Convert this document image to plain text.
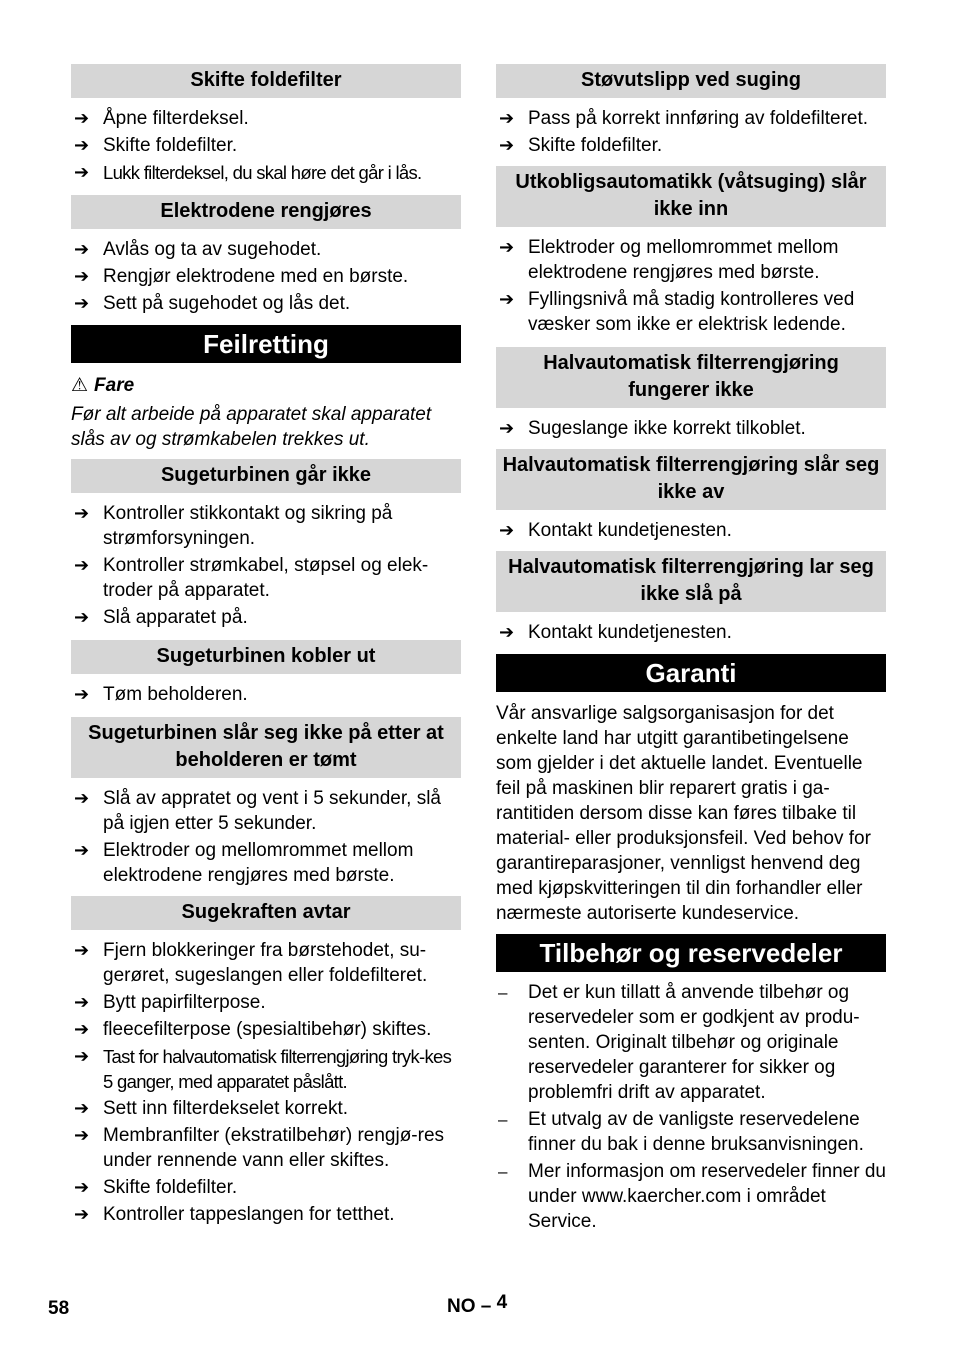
Skifte foldefilter
➔ Åpne filterdeksel.
➔ Skifte foldefilter.
➔ Lukk filterdeksel, du skal høre det går i lås.
Elektrodene rengjøres
➔ Avlås og ta av sugehodet.
➔ Rengjør elektrodene med en børste.
➔ Sett på sugehodet og lås det.
Feilretting
⚠ Fare

Før alt arbeide på apparatet skal apparatet slås av og strømkabelen trekkes ut.

Sugeturbinen går ikke
➔ Kontroller stikkontakt og sikring på strømforsyningen.
➔ Kontroller strømkabel, støpsel og elek-troder på apparatet.
➔ Slå apparatet på.
Sugeturbinen kobler ut
➔ Tøm beholderen.
Sugeturbinen slår seg ikke på etter at beholderen er tømt
➔ Slå av appratet og vent i 5 sekunder, slå på igjen etter 5 sekunder.
➔ Elektroder og mellomrommet mellom elektrodene rengjøres med børste.
Sugekraften avtar
➔ Fjern blokkeringer fra børstehodet, su-gerøret, sugeslangen eller foldefilteret.
➔ Bytt papirfilterpose.
➔ fleecefilterpose (spesialtibehør) skiftes.
➔ Tast for halvautomatisk filterrengjøring tryk-kes 5 ganger, med apparatet påslått.
➔ Sett inn filterdekselet korrekt.
➔ Membranfilter (ekstratilbehør) rengjø-res under rennende vann eller skiftes.
➔ Skifte foldefilter.
➔ Kontroller tappeslangen for tetthet.
Støvutslipp ved suging
➔ Pass på korrekt innføring av foldefilteret.
➔ Skifte foldefilter.
Utkobligsautomatikk (våtsuging) slår ikke inn
➔ Elektroder og mellomrommet mellom elektrodene rengjøres med børste.
➔ Fyllingsnivå må stadig kontrolleres ved væsker som ikke er elektrisk ledende.
Halvautomatisk filterrengjøring fungerer ikke
➔ Sugeslange ikke korrekt tilkoblet.
Halvautomatisk filterrengjøring slår seg ikke av
➔ Kontakt kundetjenesten.
Halvautomatisk filterrengjøring lar seg ikke slå på
➔ Kontakt kundetjenesten.
Garanti

Vår ansvarlige salgsorganisasjon for det enkelte land har utgitt garantibetingelsene som gjelder i det aktuelle landet. Eventuelle feil på maskinen blir reparert gratis i ga-rantitiden dersom disse kan føres tilbake til material- eller produksjonsfeil. Ved behov for garantireparasjoner, vennligst henvend deg med kjøpskvitteringen til din forhandler eller nærmeste autoriserte kundeservice.

Tilbehør og reservedeler
– Det er kun tillatt å anvende tilbehør og reservedeler som er godkjent av produ-senten. Originalt tilbehør og originale reservedeler garanterer for sikker og problemfri drift av apparatet.
– Et utvalg av de vanligste reservedelene finner du bak i denne bruksanvisningen.
– Mer informasjon om reservedeler finner du under www.kaercher.com i området Service.
58	NO – 4
